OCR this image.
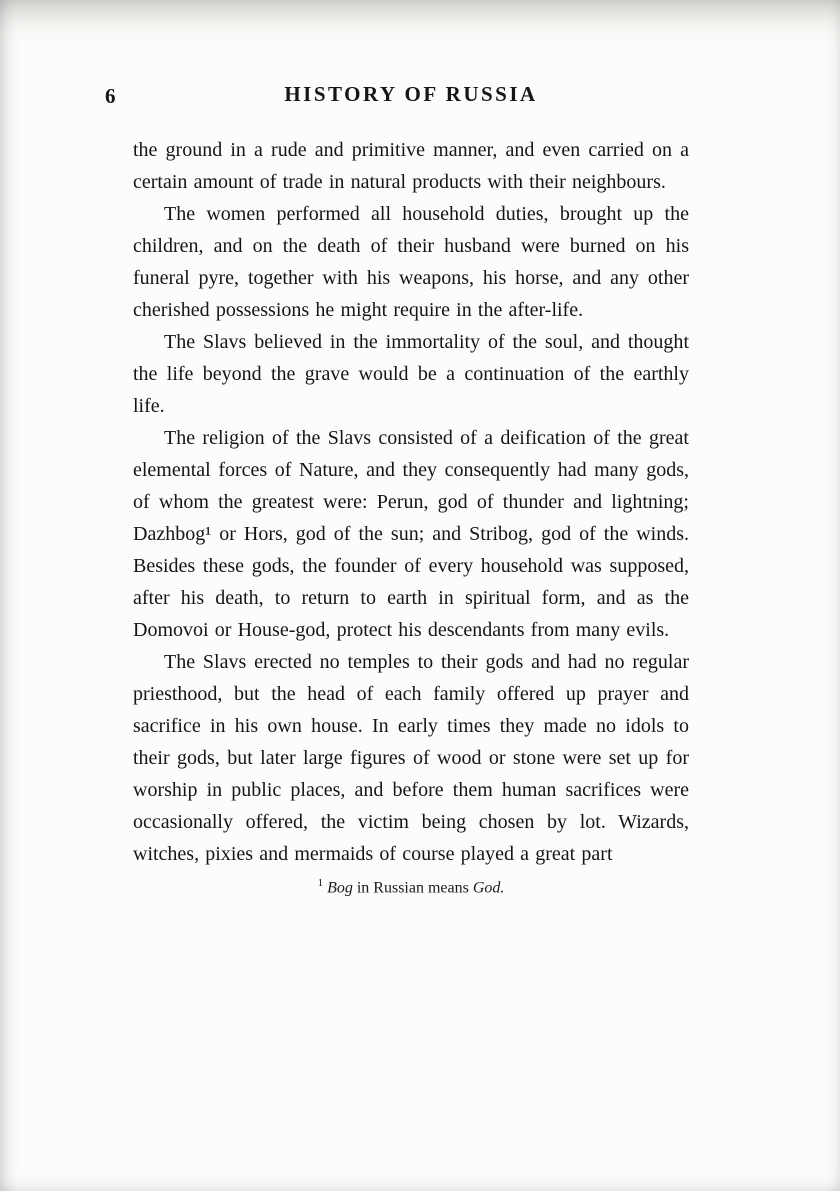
6	HISTORY OF RUSSIA

the ground in a rude and primitive manner, and even carried on a certain amount of trade in natural products with their neighbours.

The women performed all household duties, brought up the children, and on the death of their husband were burned on his funeral pyre, together with his weapons, his horse, and any other cherished possessions he might require in the after-life.

The Slavs believed in the immortality of the soul, and thought the life beyond the grave would be a continuation of the earthly life.

The religion of the Slavs consisted of a deification of the great elemental forces of Nature, and they consequently had many gods, of whom the greatest were: Perun, god of thunder and lightning; Dazhbog¹ or Hors, god of the sun; and Stribog, god of the winds. Besides these gods, the founder of every household was supposed, after his death, to return to earth in spiritual form, and as the Domovoi or House-god, protect his descendants from many evils.

The Slavs erected no temples to their gods and had no regular priesthood, but the head of each family offered up prayer and sacrifice in his own house. In early times they made no idols to their gods, but later large figures of wood or stone were set up for worship in public places, and before them human sacrifices were occasionally offered, the victim being chosen by lot. Wizards, witches, pixies and mermaids of course played a great part

$^1$ Bog in Russian means God.
